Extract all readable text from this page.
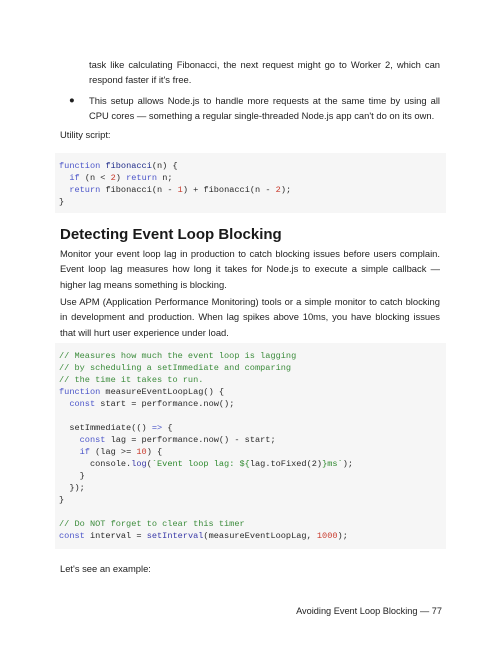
task like calculating Fibonacci, the next request might go to Worker 2, which can respond faster if it's free.

● This setup allows Node.js to handle more requests at the same time by using all CPU cores — something a regular single-threaded Node.js app can't do on its own.

Utility script:

function fibonacci(n) {
if (n < 2) return n;
return fibonacci(n - 1) + fibonacci(n - 2);
}
Detecting Event Loop Blocking

Monitor your event loop lag in production to catch blocking issues before users complain. Event loop lag measures how long it takes for Node.js to execute a simple callback — higher lag means something is blocking.

Use APM (Application Performance Monitoring) tools or a simple monitor to catch blocking in development and production. When lag spikes above 10ms, you have blocking issues that will hurt user experience under load.

// Measures how much the event loop is lagging
// by scheduling a setImmediate and comparing
// the time it takes to run.
function measureEventLoopLag() {
const start = performance.now();
setImmediate(() => {
const lag = performance.now() - start;
if (lag >= 10) {
console.log(`Event loop lag: ${lag.toFixed(2)}ms`);
}
});
}
// Do NOT forget to clear this timer
const interval = setInterval(measureEventLoopLag, 1000);

Let's see an example:

Avoiding Event Loop Blocking — 77
